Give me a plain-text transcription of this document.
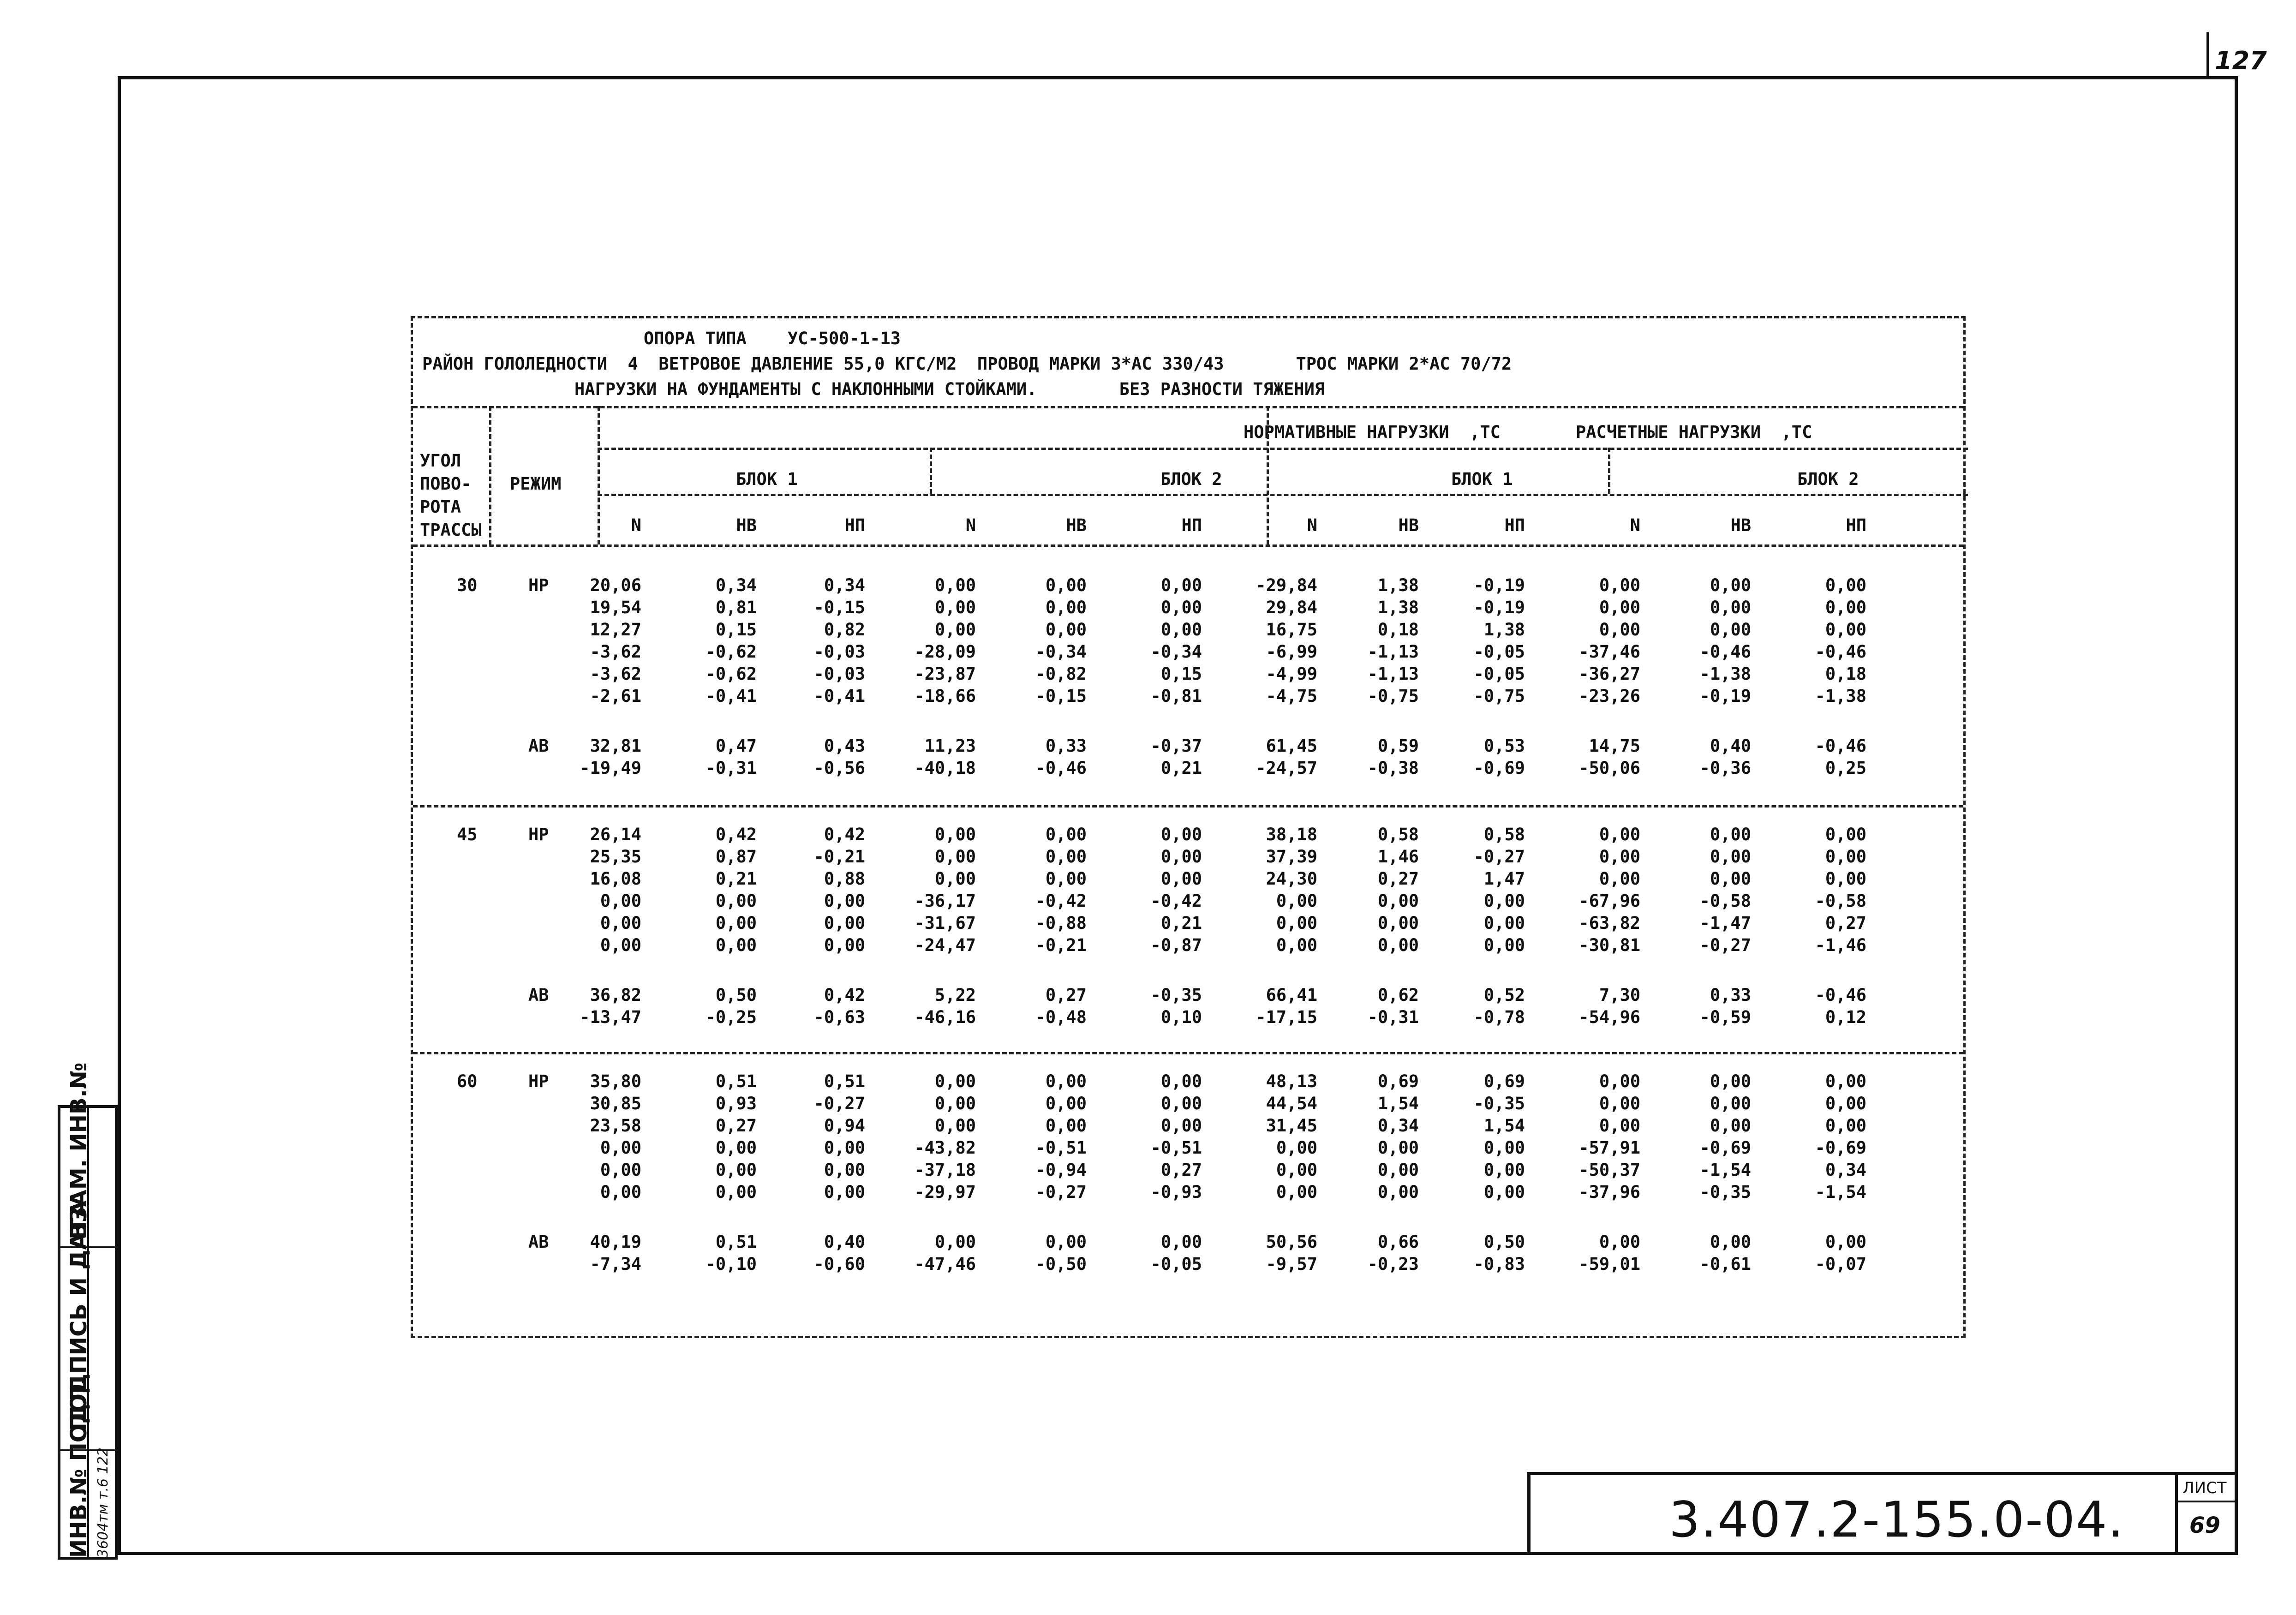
127
ИНВ.№ ПОДЛ.
ПОДПИСЬ И ДАТА
ВЗАМ. ИНВ.№
3604тм т.6 122	3.407.2-155.0-04.
ЛИСТ
69
ОПОРА ТИПА    УС-500-1-13
РАЙОН ГОЛОЛЕДНОСТИ  4  ВЕТРОВОЕ ДАВЛЕНИЕ 55,0 КГС/М2  ПРОВОД МАРКИ 3*АС 330/43       ТРОС МАРКИ 2*АС 70/72
НАГРУЗКИ НА ФУНДАМЕНТЫ С НАКЛОННЫМИ СТОЙКАМИ.        БЕЗ РАЗНОСТИ ТЯЖЕНИЯ
НОРМАТИВНЫЕ НАГРУЗКИ  ,ТС	РАСЧЕТНЫЕ НАГРУЗКИ  ,ТС
УГОЛ
ПОВО-
РОТА
ТРАССЫ
РЕЖИМ	БЛОК 1	БЛОК 2	БЛОК 1	БЛОК 2
N	НВ	НП	N	НВ	НП	N	НВ	НП	N	НВ	НП
30	НР	20,06	0,34	0,34	0,00	0,00	0,00	-29,84	1,38	-0,19	0,00	0,00	0,00
19,54	0,81	-0,15	0,00	0,00	0,00	29,84	1,38	-0,19	0,00	0,00	0,00
12,27	0,15	0,82	0,00	0,00	0,00	16,75	0,18	1,38	0,00	0,00	0,00
-3,62	-0,62	-0,03	-28,09	-0,34	-0,34	-6,99	-1,13	-0,05	-37,46	-0,46	-0,46
-3,62	-0,62	-0,03	-23,87	-0,82	0,15	-4,99	-1,13	-0,05	-36,27	-1,38	0,18
-2,61	-0,41	-0,41	-18,66	-0,15	-0,81	-4,75	-0,75	-0,75	-23,26	-0,19	-1,38
АВ	32,81	0,47	0,43	11,23	0,33	-0,37	61,45	0,59	0,53	14,75	0,40	-0,46
-19,49	-0,31	-0,56	-40,18	-0,46	0,21	-24,57	-0,38	-0,69	-50,06	-0,36	0,25
45	НР	26,14	0,42	0,42	0,00	0,00	0,00	38,18	0,58	0,58	0,00	0,00	0,00
25,35	0,87	-0,21	0,00	0,00	0,00	37,39	1,46	-0,27	0,00	0,00	0,00
16,08	0,21	0,88	0,00	0,00	0,00	24,30	0,27	1,47	0,00	0,00	0,00
0,00	0,00	0,00	-36,17	-0,42	-0,42	0,00	0,00	0,00	-67,96	-0,58	-0,58
0,00	0,00	0,00	-31,67	-0,88	0,21	0,00	0,00	0,00	-63,82	-1,47	0,27
0,00	0,00	0,00	-24,47	-0,21	-0,87	0,00	0,00	0,00	-30,81	-0,27	-1,46
АВ	36,82	0,50	0,42	5,22	0,27	-0,35	66,41	0,62	0,52	7,30	0,33	-0,46
-13,47	-0,25	-0,63	-46,16	-0,48	0,10	-17,15	-0,31	-0,78	-54,96	-0,59	0,12
60	НР	35,80	0,51	0,51	0,00	0,00	0,00	48,13	0,69	0,69	0,00	0,00	0,00
30,85	0,93	-0,27	0,00	0,00	0,00	44,54	1,54	-0,35	0,00	0,00	0,00
23,58	0,27	0,94	0,00	0,00	0,00	31,45	0,34	1,54	0,00	0,00	0,00
0,00	0,00	0,00	-43,82	-0,51	-0,51	0,00	0,00	0,00	-57,91	-0,69	-0,69
0,00	0,00	0,00	-37,18	-0,94	0,27	0,00	0,00	0,00	-50,37	-1,54	0,34
0,00	0,00	0,00	-29,97	-0,27	-0,93	0,00	0,00	0,00	-37,96	-0,35	-1,54
АВ	40,19	0,51	0,40	0,00	0,00	0,00	50,56	0,66	0,50	0,00	0,00	0,00
-7,34	-0,10	-0,60	-47,46	-0,50	-0,05	-9,57	-0,23	-0,83	-59,01	-0,61	-0,07
